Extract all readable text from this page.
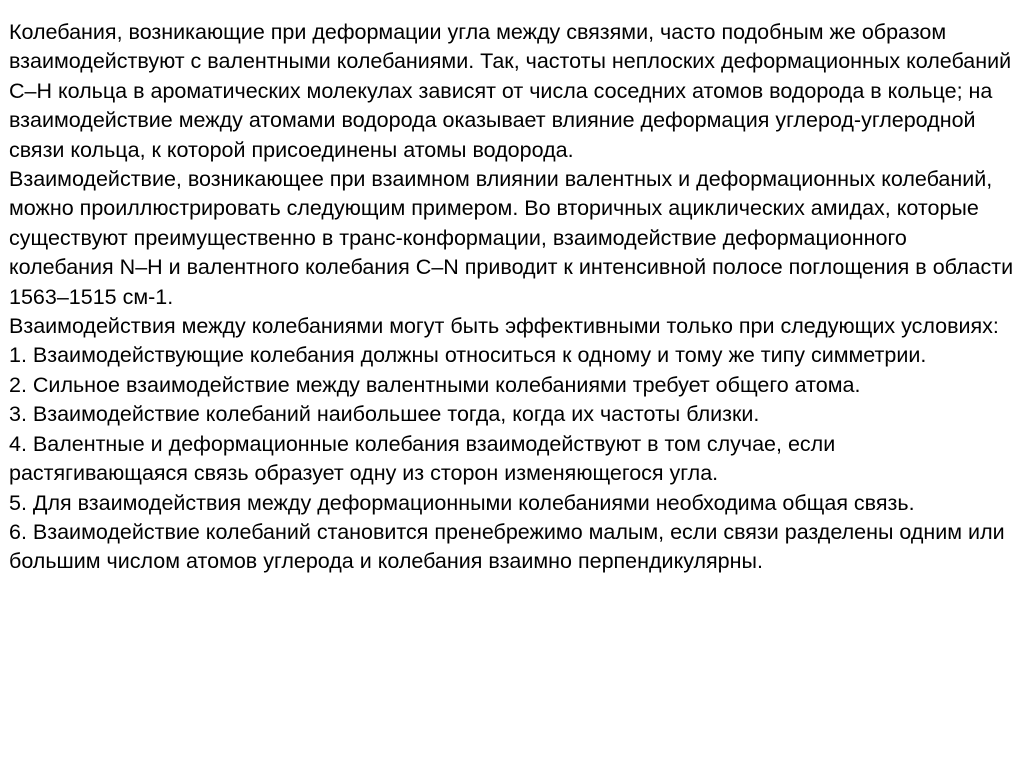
Колебания, возникающие при деформации угла между связями, часто подобным же образом взаимодействуют с валентными колебаниями. Так, частоты неплоских деформационных колебаний С–Н кольца в ароматических молекулах зависят от числа соседних атомов водорода в кольце; на взаимодействие между атомами водорода оказывает влияние деформация углерод-углеродной связи кольца, к которой присоединены атомы водорода.

Взаимодействие, возникающее при взаимном влиянии валентных и деформационных колебаний, можно проиллюстрировать следующим примером. Во вторичных ациклических амидах, которые существуют преимущественно в транс-конформации, взаимодействие деформационного колебания N–H и валентного колебания C–N приводит к интенсивной полосе поглощения в области 1563–1515 см-1.

Взаимодействия между колебаниями могут быть эффективными только при следующих условиях:

1. Взаимодействующие колебания должны относиться к одному и тому же типу симметрии.

2. Сильное взаимодействие между валентными колебаниями требует общего атома.

3. Взаимодействие колебаний наибольшее тогда, когда их частоты близки.

4. Валентные и деформационные колебания взаимодействуют в том случае, если растягивающаяся связь образует одну из сторон изменяющегося угла.

5. Для взаимодействия между деформационными колебаниями необходима общая связь.

6. Взаимодействие колебаний становится пренебрежимо малым, если связи разделены одним или большим числом атомов углерода и колебания взаимно перпендикулярны.
